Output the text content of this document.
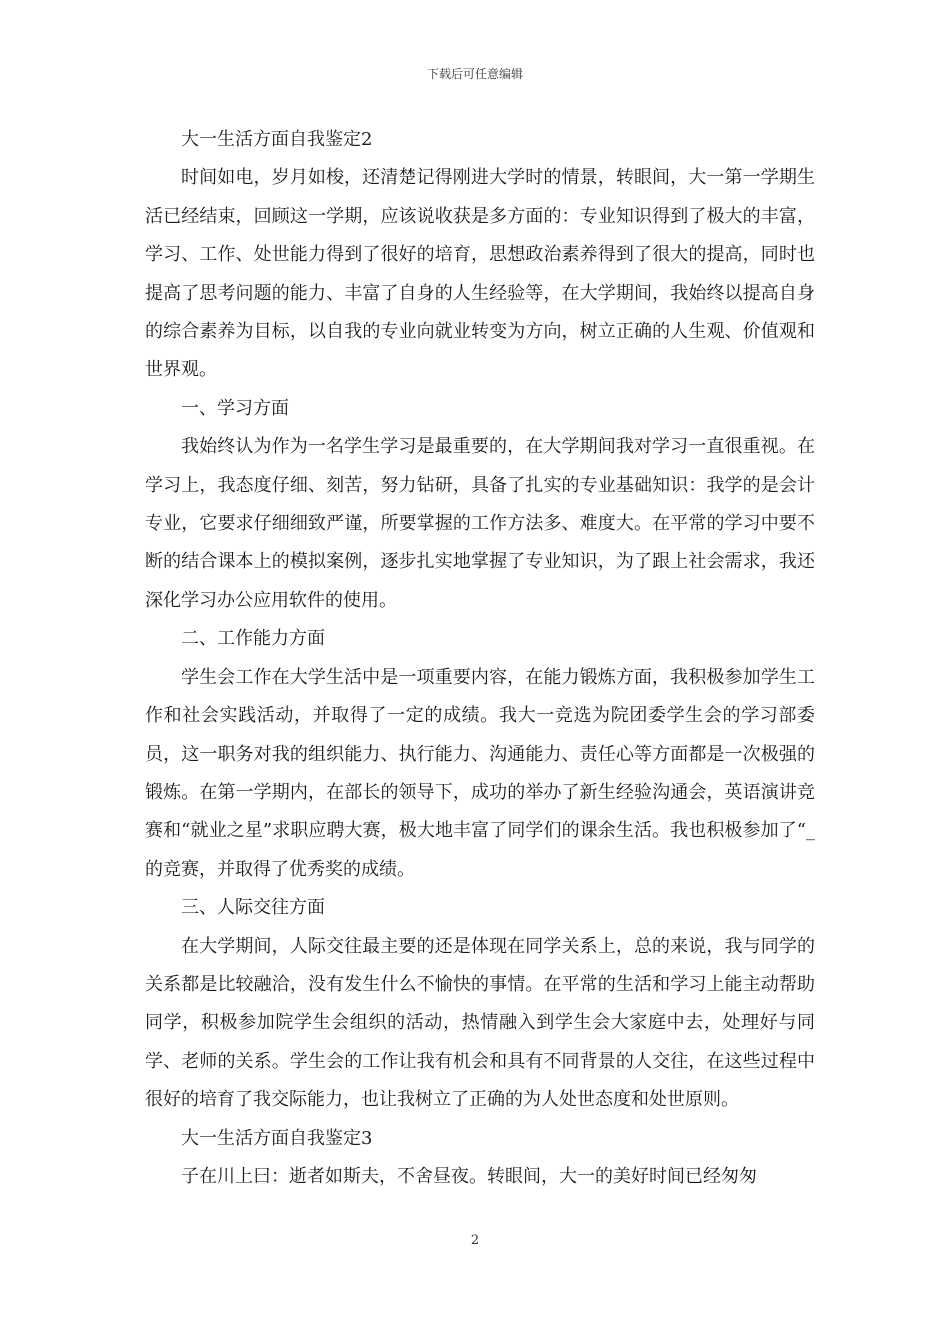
下载后可任意编辑

大一生活方面自我鉴定2

时间如电，岁月如梭，还清楚记得刚进大学时的情景，转眼间，大一第一学期生活已经结束，回顾这一学期，应该说收获是多方面的：专业知识得到了极大的丰富，学习、工作、处世能力得到了很好的培育，思想政治素养得到了很大的提高，同时也提高了思考问题的能力、丰富了自身的人生经验等，在大学期间，我始终以提高自身的综合素养为目标，以自我的专业向就业转变为方向，树立正确的人生观、价值观和世界观。

一、学习方面

我始终认为作为一名学生学习是最重要的，在大学期间我对学习一直很重视。在学习上，我态度仔细、刻苦，努力钻研，具备了扎实的专业基础知识：我学的是会计专业，它要求仔细细致严谨，所要掌握的工作方法多、难度大。在平常的学习中要不断的结合课本上的模拟案例，逐步扎实地掌握了专业知识，为了跟上社会需求，我还深化学习办公应用软件的使用。

二、工作能力方面

学生会工作在大学生活中是一项重要内容，在能力锻炼方面，我积极参加学生工作和社会实践活动，并取得了一定的成绩。我大一竞选为院团委学生会的学习部委员，这一职务对我的组织能力、执行能力、沟通能力、责任心等方面都是一次极强的锻炼。在第一学期内，在部长的领导下，成功的举办了新生经验沟通会，英语演讲竞赛和“就业之星”求职应聘大赛，极大地丰富了同学们的课余生活。我也积极参加了“_的竞赛，并取得了优秀奖的成绩。

三、人际交往方面

在大学期间，人际交往最主要的还是体现在同学关系上，总的来说，我与同学的关系都是比较融洽，没有发生什么不愉快的事情。在平常的生活和学习上能主动帮助同学，积极参加院学生会组织的活动，热情融入到学生会大家庭中去，处理好与同学、老师的关系。学生会的工作让我有机会和具有不同背景的人交往，在这些过程中很好的培育了我交际能力，也让我树立了正确的为人处世态度和处世原则。

大一生活方面自我鉴定3

子在川上曰：逝者如斯夫，不舍昼夜。转眼间，大一的美好时间已经匆匆

2
